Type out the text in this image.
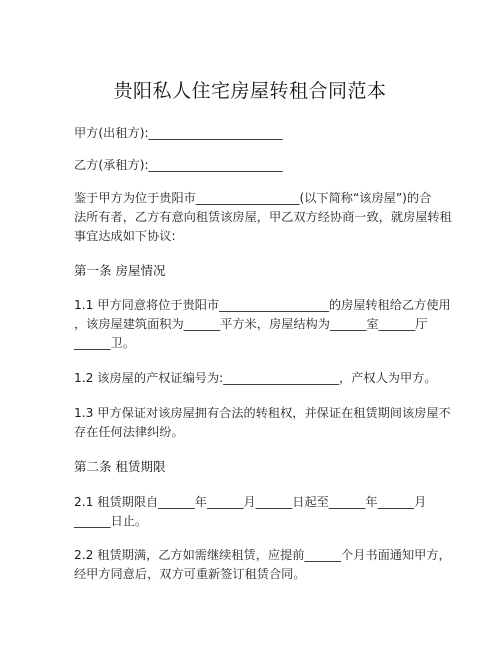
贵阳私人住宅房屋转租合同范本
甲方(出租方):______________________
乙方(承租方):______________________
鉴于甲方为位于贵阳市_________________(以下简称“该房屋”)的合
法所有者，乙方有意向租赁该房屋，甲乙双方经协商一致，就房屋转租
事宜达成如下协议:
第一条 房屋情况
1.1 甲方同意将位于贵阳市__________________的房屋转租给乙方使用
，该房屋建筑面积为______平方米，房屋结构为______室______厅
______卫。
1.2 该房屋的产权证编号为:___________________，产权人为甲方。
1.3 甲方保证对该房屋拥有合法的转租权，并保证在租赁期间该房屋不
存在任何法律纠纷。
第二条 租赁期限
2.1 租赁期限自______年______月______日起至______年______月
______日止。
2.2 租赁期满，乙方如需继续租赁，应提前______个月书面通知甲方，
经甲方同意后，双方可重新签订租赁合同。
